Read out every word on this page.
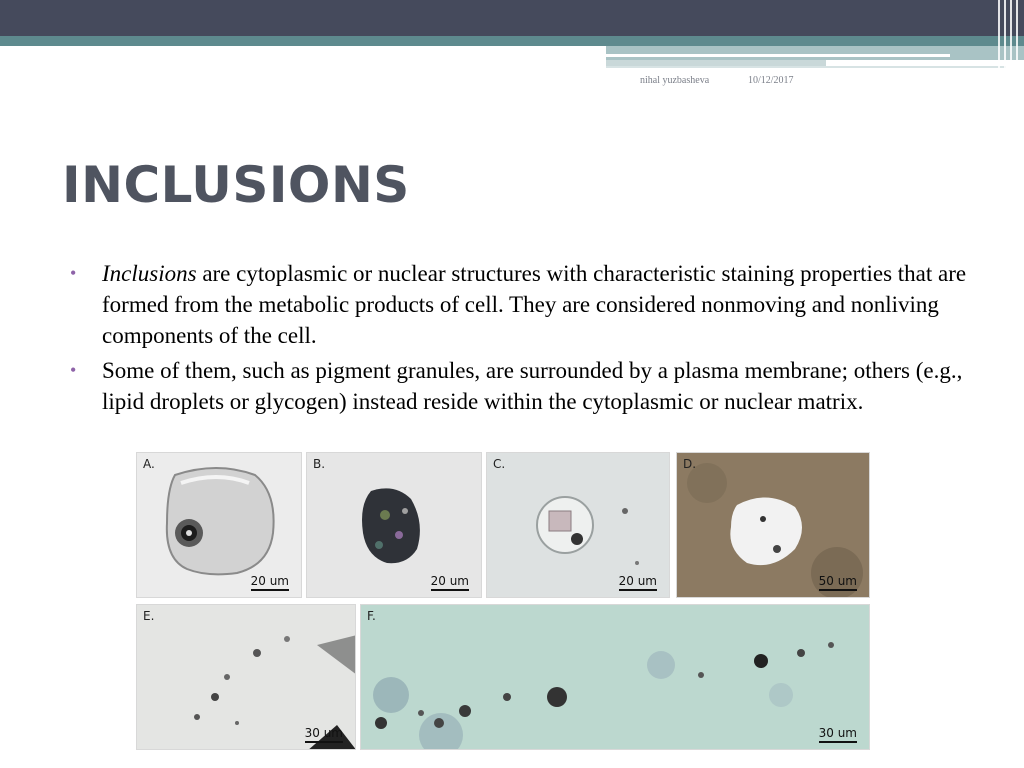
nihal yuzbasheva	10/12/2017
INCLUSIONS
• Inclusions are cytoplasmic or nuclear structures with characteristic staining properties that are formed from the metabolic products of cell. They are considered nonmoving and nonliving components of the cell.
• Some of them, such as pigment granules, are surrounded by a plasma membrane; others (e.g., lipid droplets or glycogen) instead reside within the cytoplasmic or nuclear matrix.
A.
20 um
B.
20 um
C.
20 um
D.
50 um
E.
30 um
F.
30 um
